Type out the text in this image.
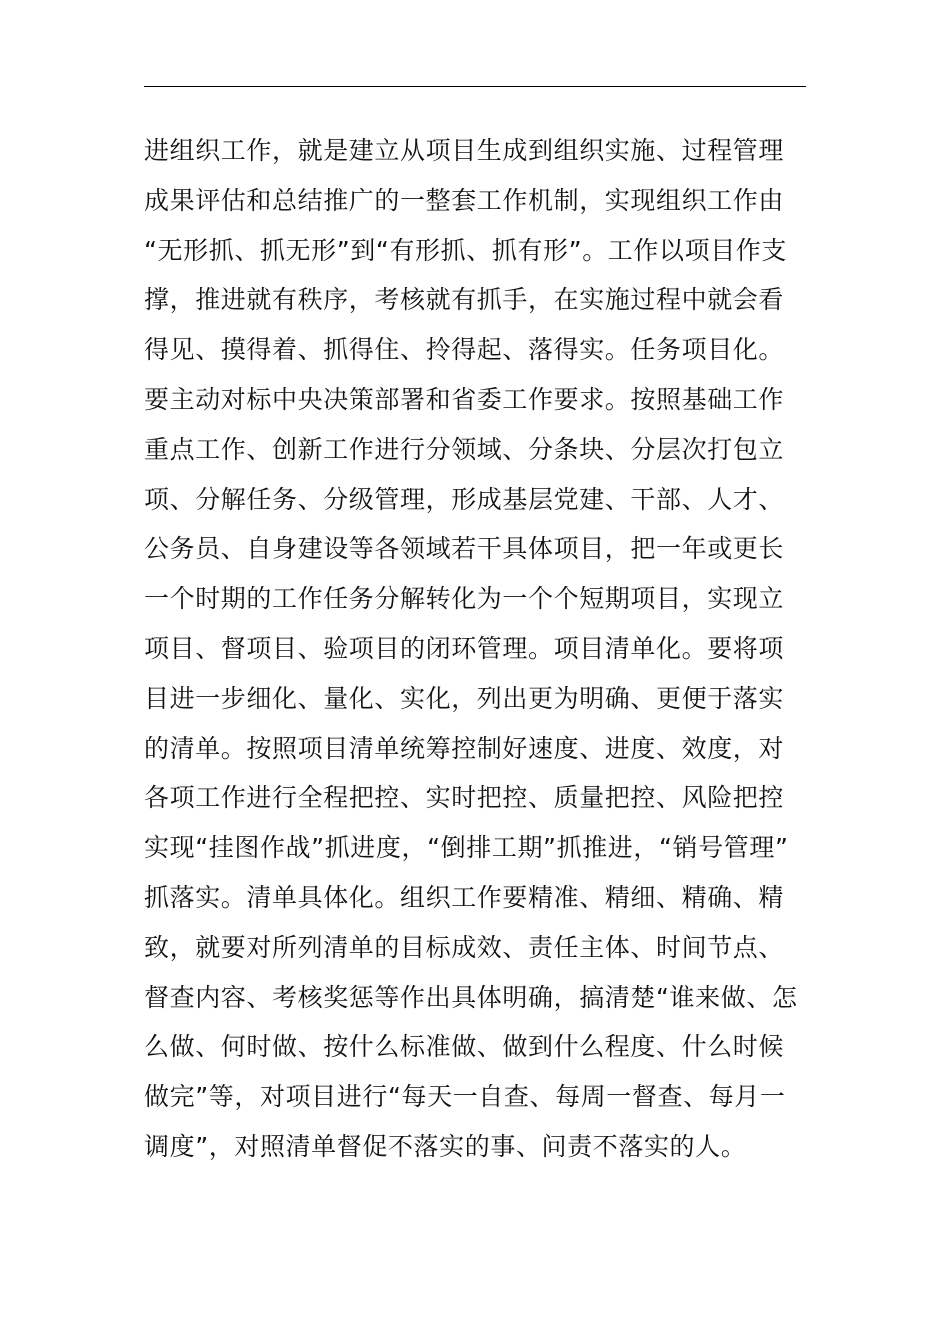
进组织工作，就是建立从项目生成到组织实施、过程管理
成果评估和总结推广的一整套工作机制，实现组织工作由
“无形抓、抓无形”到“有形抓、抓有形”。工作以项目作支
撑，推进就有秩序，考核就有抓手，在实施过程中就会看
得见、摸得着、抓得住、拎得起、落得实。任务项目化。
要主动对标中央决策部署和省委工作要求。按照基础工作
重点工作、创新工作进行分领域、分条块、分层次打包立
项、分解任务、分级管理，形成基层党建、干部、人才、
公务员、自身建设等各领域若干具体项目，把一年或更长
一个时期的工作任务分解转化为一个个短期项目，实现立
项目、督项目、验项目的闭环管理。项目清单化。要将项
目进一步细化、量化、实化，列出更为明确、更便于落实
的清单。按照项目清单统筹控制好速度、进度、效度，对
各项工作进行全程把控、实时把控、质量把控、风险把控
实现“挂图作战”抓进度，“倒排工期”抓推进，“销号管理”
抓落实。清单具体化。组织工作要精准、精细、精确、精
致，就要对所列清单的目标成效、责任主体、时间节点、
督查内容、考核奖惩等作出具体明确，搞清楚“谁来做、怎
么做、何时做、按什么标准做、做到什么程度、什么时候
做完”等，对项目进行“每天一自查、每周一督查、每月一
调度”，对照清单督促不落实的事、问责不落实的人。
